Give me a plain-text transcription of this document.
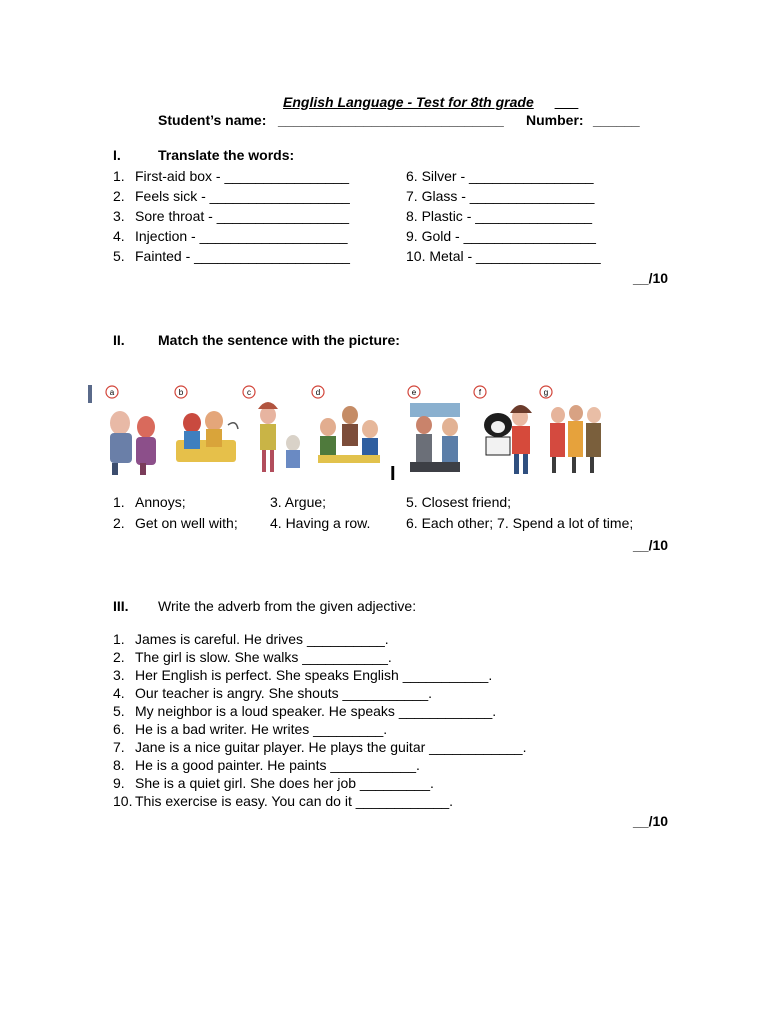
English Language - Test for 8th grade ___
Student’s name: _____________________________ Number: ______
I.	Translate the words:
1. First-aid box - ________________
2. Feels sick - __________________
3. Sore throat - _________________
4. Injection - ___________________
5. Fainted - ____________________
6. Silver - ________________
7. Glass - ________________
8. Plastic - _______________
9. Gold - _________________
10. Metal - ________________
__/10
II. Match the sentence with the picture:
a	b	c	d
I
e	f	g
1. Annoys;	3. Argue;	5. Closest friend;
2. Get on well with; 4. Having a row.	6. Each other; 7. Spend a lot of time;
__/10
III. Write the adverb from the given adjective:
1. James is careful. He drives __________.
2. The girl is slow. She walks ___________.
3. Her English is perfect. She speaks English ___________.
4. Our teacher is angry. She shouts ___________.
5. My neighbor is a loud speaker. He speaks ____________.
6. He is a bad writer. He writes _________.
7. Jane is a nice guitar player. He plays the guitar ____________.
8. He is a good painter. He paints ___________.
9. She is a quiet girl. She does her job _________.
10. This exercise is easy. You can do it ____________.
__/10
